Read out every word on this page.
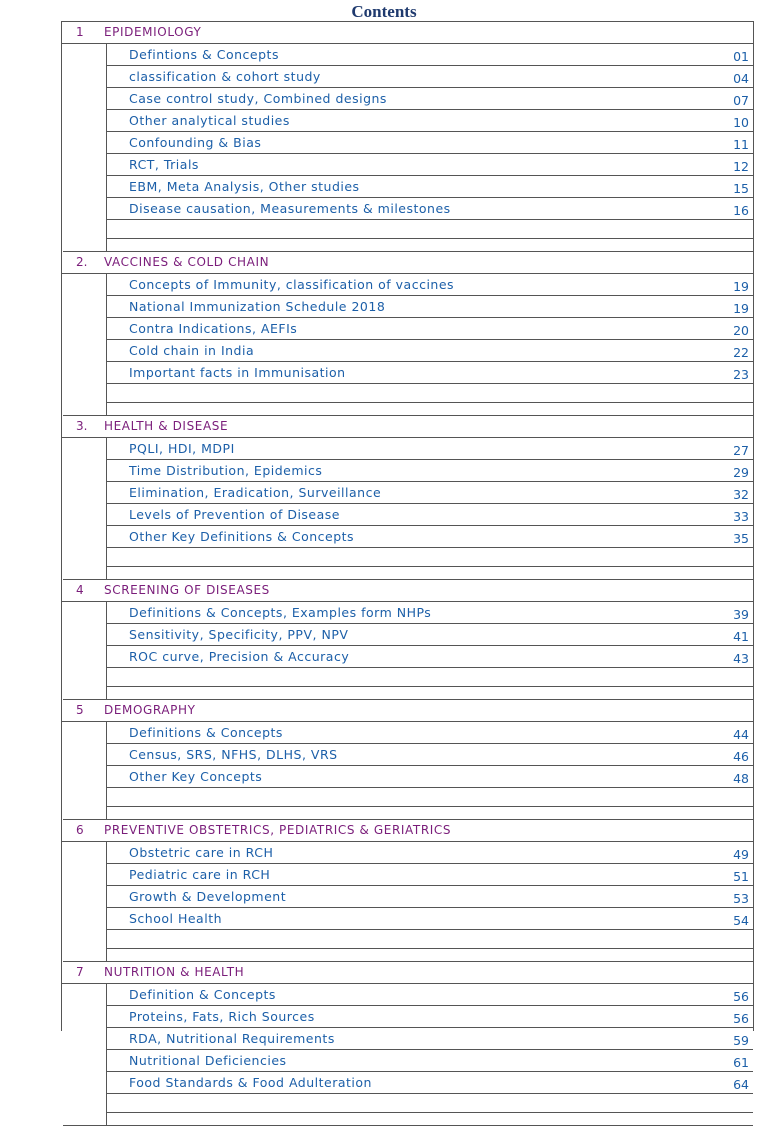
Contents
1 EPIDEMIOLOGY
Defintions & Concepts	01
classification & cohort study	04
Case control study, Combined designs	07
Other analytical studies	10
Confounding & Bias	11
RCT, Trials	12
EBM, Meta Analysis, Other studies	15
Disease causation, Measurements & milestones	16
2. VACCINES & COLD CHAIN
Concepts of Immunity, classification of vaccines	19
National Immunization Schedule 2018	19
Contra Indications, AEFIs	20
Cold chain in India	22
Important facts in Immunisation	23
3. HEALTH & DISEASE
PQLI, HDI, MDPI	27
Time Distribution, Epidemics	29
Elimination, Eradication, Surveillance	32
Levels of Prevention of Disease	33
Other Key Definitions & Concepts	35
4 SCREENING OF DISEASES
Definitions & Concepts, Examples form NHPs	39
Sensitivity, Specificity, PPV, NPV	41
ROC curve, Precision & Accuracy	43
5 DEMOGRAPHY
Definitions & Concepts	44
Census, SRS, NFHS, DLHS, VRS	46
Other Key Concepts	48
6 PREVENTIVE OBSTETRICS, PEDIATRICS & GERIATRICS
Obstetric care in RCH	49
Pediatric care in RCH	51
Growth & Development	53
School Health	54
7 NUTRITION & HEALTH
Definition & Concepts	56
Proteins, Fats, Rich Sources	56
RDA, Nutritional Requirements	59
Nutritional Deficiencies	61
Food Standards & Food Adulteration	64
